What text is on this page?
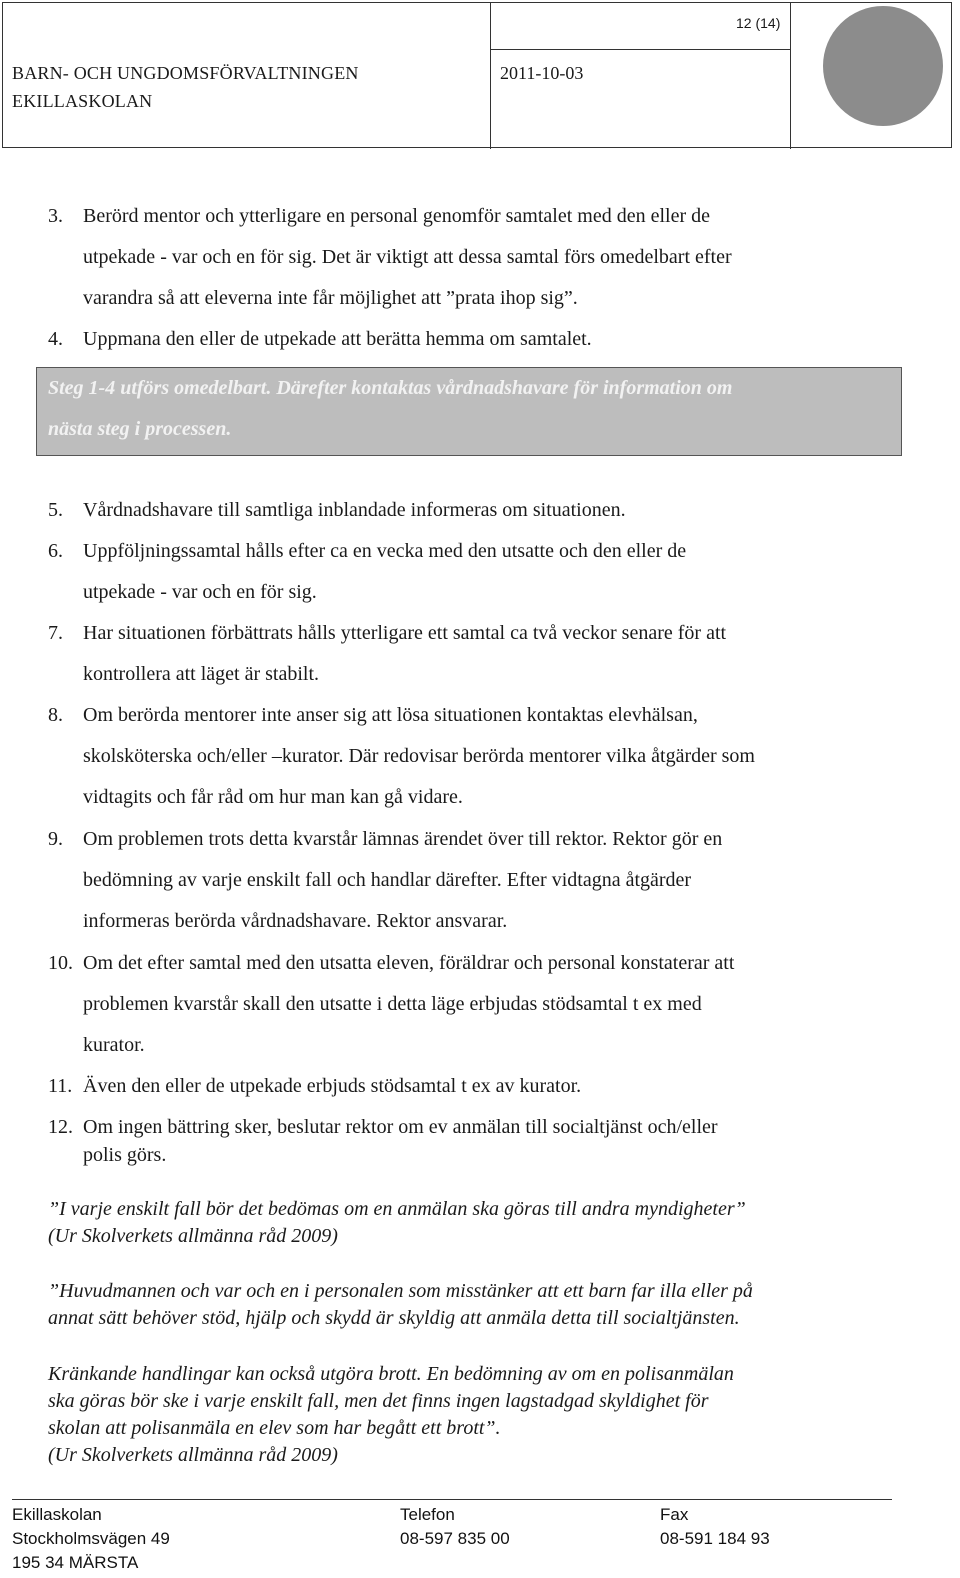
BARN- OCH UNGDOMSFÖRVALTNINGEN
EKILLASKOLAN
2011-10-03
12 (14)
3. Berörd mentor och ytterligare en personal genomför samtalet med den eller de
utpekade - var och en för sig. Det är viktigt att dessa samtal förs omedelbart efter
varandra så att eleverna inte får möjlighet att ”prata ihop sig”.
4. Uppmana den eller de utpekade att berätta hemma om samtalet.
Steg 1-4 utförs omedelbart. Därefter kontaktas vårdnadshavare för information om
nästa steg i processen.
5. Vårdnadshavare till samtliga inblandade informeras om situationen.
6. Uppföljningssamtal hålls efter ca en vecka med den utsatte och den eller de
utpekade - var och en för sig.
7. Har situationen förbättrats hålls ytterligare ett samtal ca två veckor senare för att
kontrollera att läget är stabilt.
8. Om berörda mentorer inte anser sig att lösa situationen kontaktas elevhälsan,
skolsköterska och/eller –kurator. Där redovisar berörda mentorer vilka åtgärder som
vidtagits och får råd om hur man kan gå vidare.
9. Om problemen trots detta kvarstår lämnas ärendet över till rektor. Rektor gör en
bedömning av varje enskilt fall och handlar därefter. Efter vidtagna åtgärder
informeras berörda vårdnadshavare. Rektor ansvarar.
10. Om det efter samtal med den utsatta eleven, föräldrar och personal konstaterar att
problemen kvarstår skall den utsatte i detta läge erbjudas stödsamtal t ex med
kurator.
11. Även den eller de utpekade erbjuds stödsamtal t ex av kurator.
12. Om ingen bättring sker, beslutar rektor om ev anmälan till socialtjänst och/eller
polis görs.
”I varje enskilt fall bör det bedömas om en anmälan ska göras till andra myndigheter”
(Ur Skolverkets allmänna råd 2009)
”Huvudmannen och var och en i personalen som misstänker att ett barn far illa eller på
annat sätt behöver stöd, hjälp och skydd är skyldig att anmäla detta till socialtjänsten.
Kränkande handlingar kan också utgöra brott. En bedömning av om en polisanmälan
ska göras bör ske i varje enskilt fall, men det finns ingen lagstadgad skyldighet för
skolan att polisanmäla en elev som har begått ett brott”.
(Ur Skolverkets allmänna råd 2009)
Ekillaskolan
Stockholmsvägen 49
195 34 MÄRSTA
Telefon
08-597 835 00
Fax
08-591 184 93
